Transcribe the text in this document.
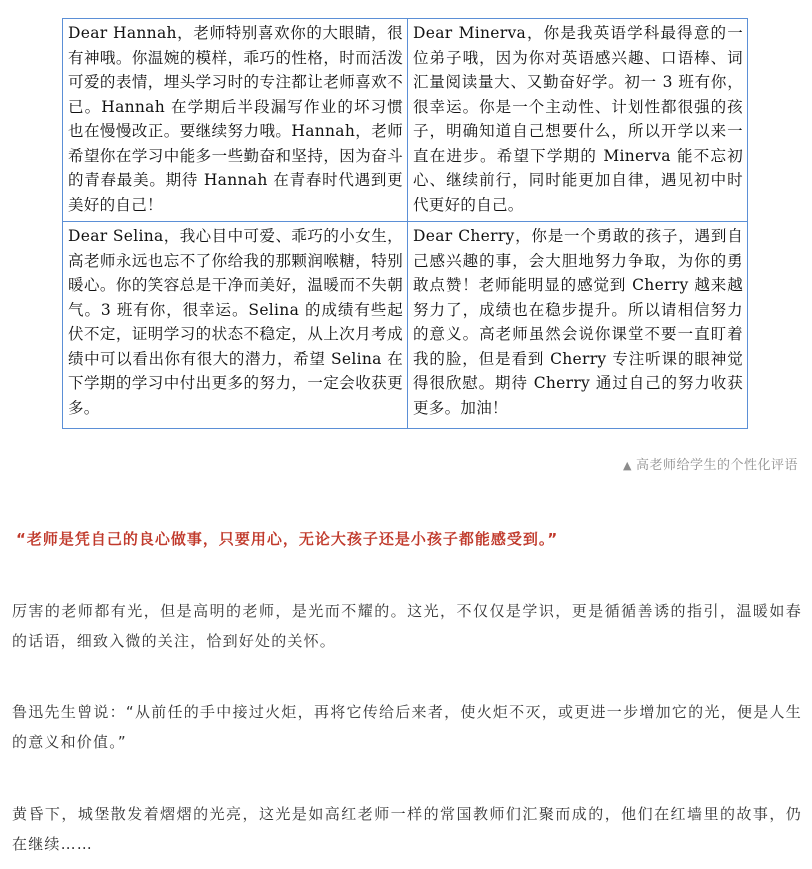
Dear Hannah，老师特别喜欢你的大眼睛，很有神哦。你温婉的模样，乖巧的性格，时而活泼可爱的表情，埋头学习时的专注都让老师喜欢不已。Hannah 在学期后半段漏写作业的坏习惯也在慢慢改正。要继续努力哦。Hannah，老师希望你在学习中能多一些勤奋和坚持，因为奋斗的青春最美。期待 Hannah 在青春时代遇到更美好的自己！	Dear Minerva，你是我英语学科最得意的一位弟子哦，因为你对英语感兴趣、口语棒、词汇量阅读量大、又勤奋好学。初一 3 班有你，很幸运。你是一个主动性、计划性都很强的孩子，明确知道自己想要什么，所以开学以来一直在进步。希望下学期的 Minerva 能不忘初心、继续前行，同时能更加自律，遇见初中时代更好的自己。
Dear Selina，我心目中可爱、乖巧的小女生，高老师永远也忘不了你给我的那颗润喉糖，特别暖心。你的笑容总是干净而美好，温暖而不失朝气。3 班有你，很幸运。Selina 的成绩有些起伏不定，证明学习的状态不稳定，从上次月考成绩中可以看出你有很大的潜力，希望 Selina 在下学期的学习中付出更多的努力，一定会收获更多。	Dear Cherry，你是一个勇敢的孩子，遇到自己感兴趣的事，会大胆地努力争取，为你的勇敢点赞！老师能明显的感觉到 Cherry 越来越努力了，成绩也在稳步提升。所以请相信努力的意义。高老师虽然会说你课堂不要一直盯着我的脸，但是看到 Cherry 专注听课的眼神觉得很欣慰。期待 Cherry 通过自己的努力收获更多。加油！
▲ 高老师给学生的个性化评语
“老师是凭自己的良心做事，只要用心，无论大孩子还是小孩子都能感受到。”
厉害的老师都有光，但是高明的老师，是光而不耀的。这光，不仅仅是学识，更是循循善诱的指引，温暖如春的话语，细致入微的关注，恰到好处的关怀。
鲁迅先生曾说：“从前任的手中接过火炬，再将它传给后来者，使火炬不灭，或更进一步增加它的光，便是人生的意义和价值。”
黄昏下，城堡散发着熠熠的光亮，这光是如高红老师一样的常国教师们汇聚而成的，他们在红墙里的故事，仍在继续……
